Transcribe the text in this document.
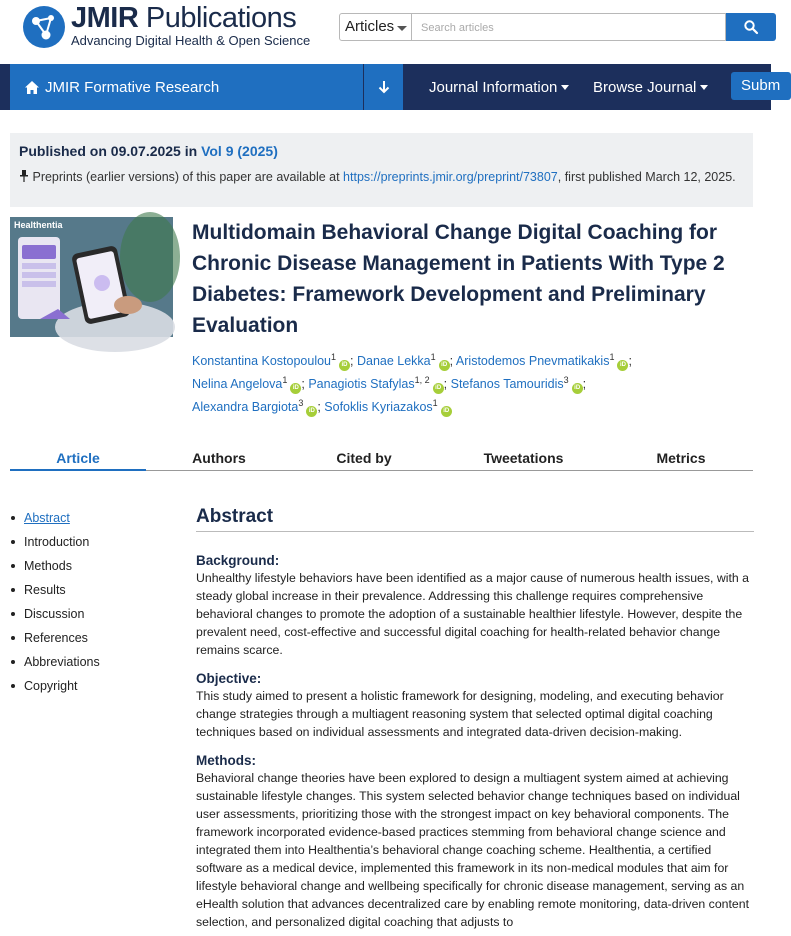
JMIR Publications
Advancing Digital Health & Open Science
Articles	Search articles
JMIR Formative Research	Journal Information Browse Journal	Subm
Published on 09.07.2025 in Vol 9 (2025)
Preprints (earlier versions) of this paper are available at https://preprints.jmir.org/preprint/73807, first published March 12, 2025.
Healthentia	Multidomain Behavioral Change Digital Coaching for Chronic Disease Management in Patients With Type 2 Diabetes: Framework Development and Preliminary Evaluation
Konstantina Kostopoulou$^1$iD ; Danae Lekka$^1$iD ; Aristodemos Pnevmatikakis$^1$iD ;
Nelina Angelova$^1$iD ; Panagiotis Stafylas$^{1, 2}$iD ; Stefanos Tamouridis$^3$iD ;
Alexandra Bargiota$^3$iD ; Sofoklis Kyriazakos$^1$iD
Article	Authors	Cited by	Tweetations	Metrics
Abstract
Introduction
Methods
Results
Discussion
References
Abbreviations
Copyright
Abstract
Background:

Unhealthy lifestyle behaviors have been identified as a major cause of numerous health issues, with a steady global increase in their prevalence. Addressing this challenge requires comprehensive behavioral changes to promote the adoption of a sustainable healthier lifestyle. However, despite the prevalent need, cost-effective and successful digital coaching for health-related behavior change remains scarce.

Objective:

This study aimed to present a holistic framework for designing, modeling, and executing behavior change strategies through a multiagent reasoning system that selected optimal digital coaching techniques based on individual assessments and integrated data-driven decision-making.

Methods:

Behavioral change theories have been explored to design a multiagent system aimed at achieving sustainable lifestyle changes. This system selected behavior change techniques based on individual user assessments, prioritizing those with the strongest impact on key behavioral components. The framework incorporated evidence-based practices stemming from behavioral change science and integrated them into Healthentia’s behavioral change coaching scheme. Healthentia, a certified software as a medical device, implemented this framework in its non-medical modules that aim for lifestyle behavioral change and wellbeing specifically for chronic disease management, serving as an eHealth solution that advances decentralized care by enabling remote monitoring, data-driven content selection, and personalized digital coaching that adjusts to
